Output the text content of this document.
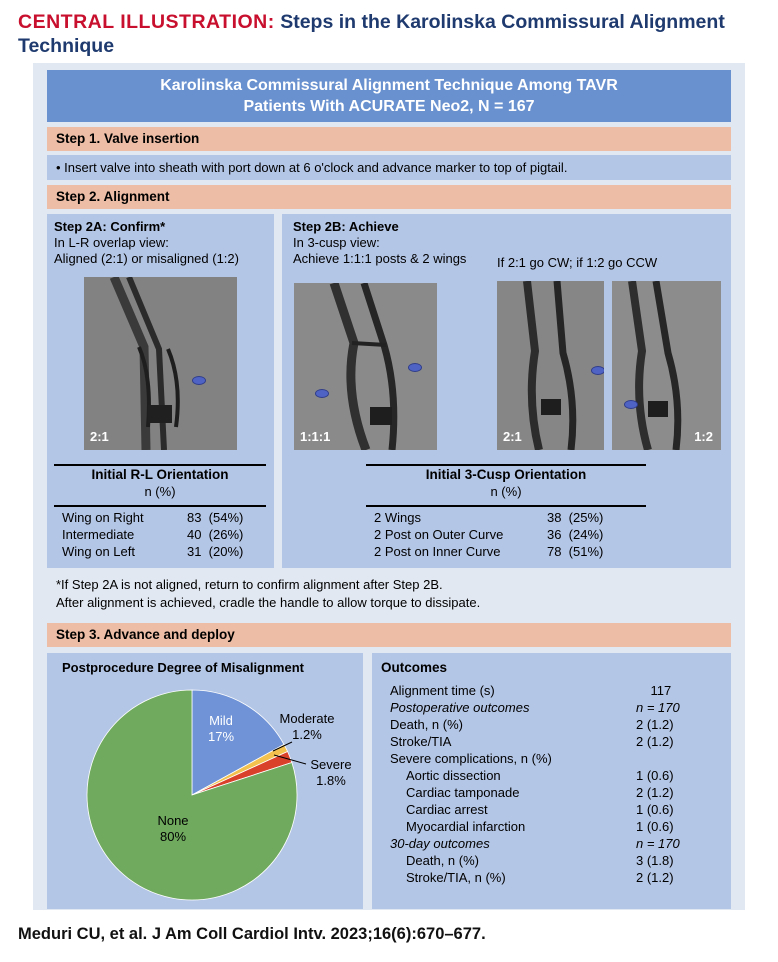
CENTRAL ILLUSTRATION: Steps in the Karolinska Commissural Alignment Technique
Karolinska Commissural Alignment Technique Among TAVR
Patients With ACURATE Neo2, N = 167
Step 1. Valve insertion
• Insert valve into sheath with port down at 6 o'clock and advance marker to top of pigtail.
Step 2. Alignment
Step 2A: Confirm*
In L-R overlap view:
Aligned (2:1) or misaligned (1:2)
Step 2B: Achieve
In 3-cusp view:
Achieve 1:1:1 posts & 2 wings If 2:1 go CW; if 1:2 go CCW
2:1	1:1:1	2:1	1:2
Initial R-L Orientation
n (%)
Wing on Right	83  (54%)
Intermediate	40  (26%)
Wing on Left	31  (20%)
Initial 3-Cusp Orientation
n (%)
2 Wings	38  (25%)
2 Post on Outer Curve	36  (24%)
2 Post on Inner Curve	78  (51%)
*If Step 2A is not aligned, return to confirm alignment after Step 2B.
After alignment is achieved, cradle the handle to allow torque to dissipate.
Step 3. Advance and deploy
Postprocedure Degree of Misalignment
Mild
17%
Moderate
1.2%
Severe
1.8%
None
80%
Outcomes
Alignment time (s)	117
Postoperative outcomes	n = 170
Death, n (%)	2 (1.2)
Stroke/TIA	2 (1.2)
Severe complications, n (%)
Aortic dissection	1 (0.6)
Cardiac tamponade	2 (1.2)
Cardiac arrest	1 (0.6)
Myocardial infarction	1 (0.6)
30-day outcomes	n = 170
Death, n (%)	3 (1.8)
Stroke/TIA, n (%)	2 (1.2)
Meduri CU, et al. J Am Coll Cardiol Intv. 2023;16(6):670–677.
